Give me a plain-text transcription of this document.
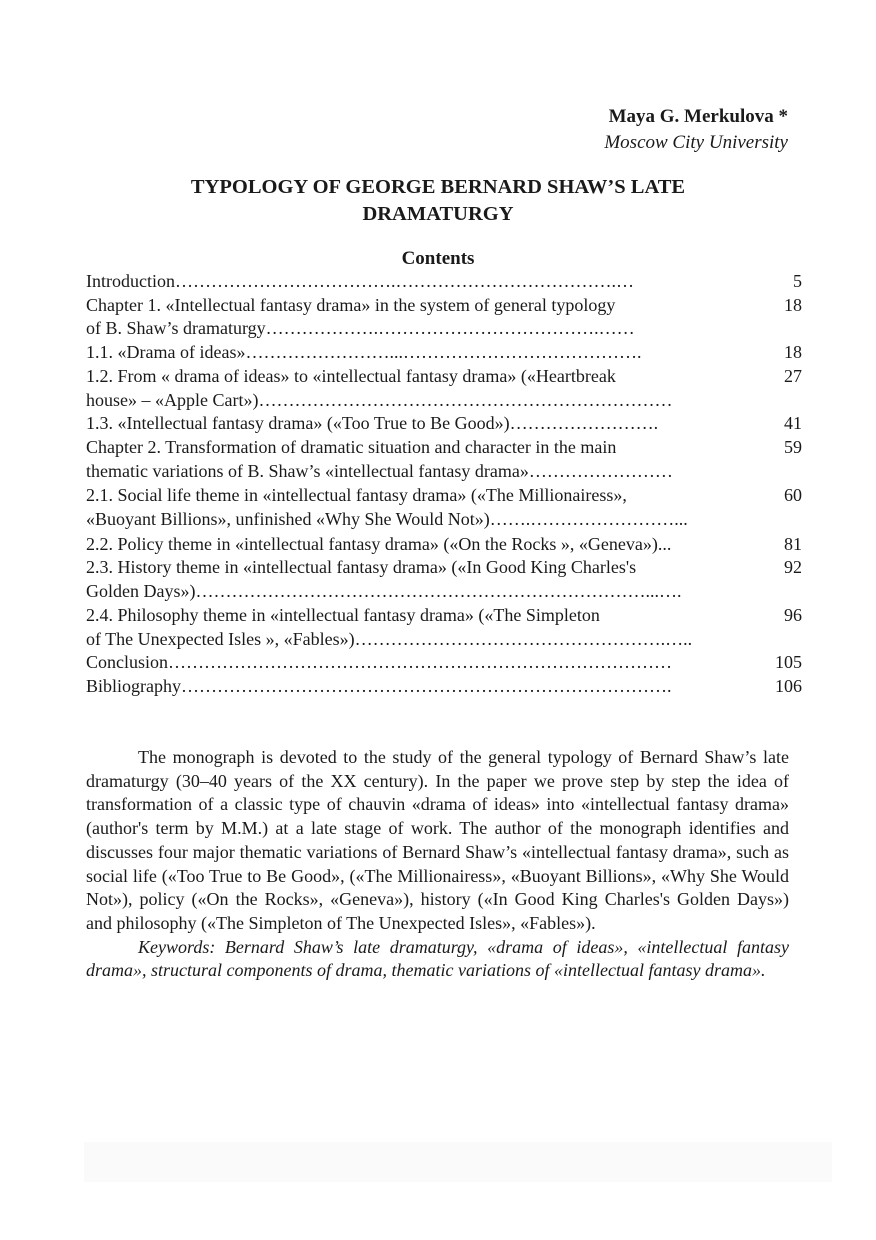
Maya G. Merkulova *
Moscow City University
TYPOLOGY OF GEORGE BERNARD SHAW’S LATE
DRAMATURGY
Contents
Introduction……………………………….……………………………….…	5
Chapter 1. «Intellectual fantasy drama» in the system of general typology
of B. Shaw’s dramaturgy……………….……………………………….……
18
1.1. «Drama of ideas»……………………...………………………………….	18
1.2. From « drama of ideas» to «intellectual fantasy drama» («Heartbreak
house» – «Apple Cart»)……………………………………………………………
27
1.3. «Intellectual fantasy drama» («Too True to Be Good»)…………………….	41
Chapter 2. Transformation of dramatic situation and character in the main
thematic variations of B. Shaw’s «intellectual fantasy drama»……………………
59
2.1. Social life theme in «intellectual fantasy drama» («The Millionairess»,
«Buoyant Billions», unfinished «Why She Would Not»)…….……………………...
60
2.2. Policy theme in «intellectual fantasy drama» («On the Rocks », «Geneva»)...	81
2.3. History theme in «intellectual fantasy drama» («In Good King Charles's
Golden Days»)…………………………………………………………………...….
92
2.4. Philosophy theme in «intellectual fantasy drama» («The Simpleton
of The Unexpected Isles », «Fables»)…………………………………………….…..
96
Conclusion…………………………………………………………………………	105
Bibliography……………………………………………………………………….	106

The monograph is devoted to the study of the general typology of Bernard Shaw’s late dramaturgy (30–40 years of the XX century). In the paper we prove step by step the idea of transformation of a classic type of chauvin «drama of ideas» into «intellectual fantasy drama» (author's term by M.M.) at a late stage of work. The author of the monograph identifies and discusses four major thematic variations of Bernard Shaw’s «intellectual fantasy drama», such as social life («Too True to Be Good», («The Millionairess», «Buoyant Billions», «Why She Would Not»), policy («On the Rocks», «Geneva»), history («In Good King Charles's Golden Days») and philosophy («The Simpleton of The Unexpected Isles», «Fables»).

Keywords: Bernard Shaw’s late dramaturgy, «drama of ideas», «intellectual fantasy drama», structural components of drama, thematic variations of «intellectual fantasy drama».
